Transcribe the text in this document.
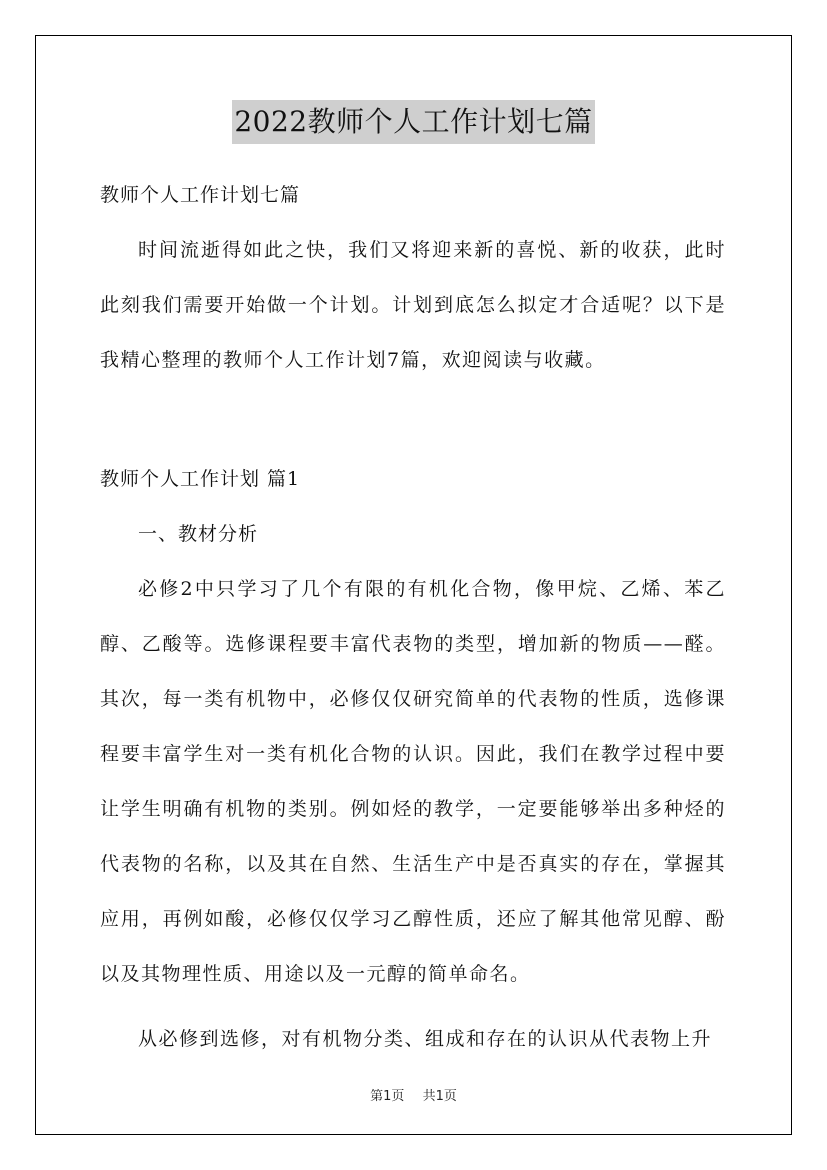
2022教师个人工作计划七篇

教师个人工作计划七篇

时间流逝得如此之快，我们又将迎来新的喜悦、新的收获，此时此刻我们需要开始做一个计划。计划到底怎么拟定才合适呢？以下是我精心整理的教师个人工作计划7篇，欢迎阅读与收藏。

教师个人工作计划 篇1

一、教材分析

必修2中只学习了几个有限的有机化合物，像甲烷、乙烯、苯乙醇、乙酸等。选修课程要丰富代表物的类型，增加新的物质——醛。其次，每一类有机物中，必修仅仅研究简单的代表物的性质，选修课程要丰富学生对一类有机化合物的认识。因此，我们在教学过程中要让学生明确有机物的类别。例如烃的教学，一定要能够举出多种烃的代表物的名称，以及其在自然、生活生产中是否真实的存在，掌握其应用，再例如酸，必修仅仅学习乙醇性质，还应了解其他常见醇、酚以及其物理性质、用途以及一元醇的简单命名。

从必修到选修，对有机物分类、组成和存在的认识从代表物上升

第1页 共1页
